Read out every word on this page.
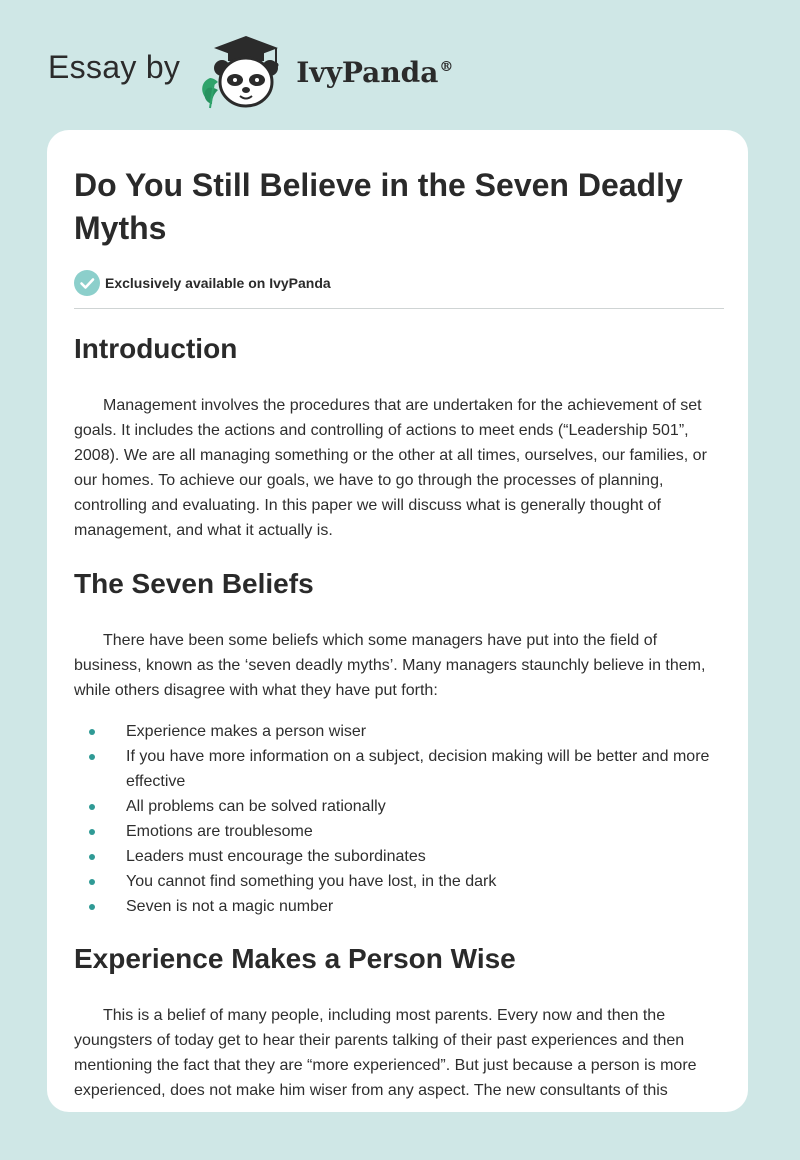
Essay by	IvyPanda®
Do You Still Believe in the Seven Deadly Myths
Exclusively available on IvyPanda
Introduction

Management involves the procedures that are undertaken for the achievement of set goals. It includes the actions and controlling of actions to meet ends (“Leadership 501”, 2008). We are all managing something or the other at all times, ourselves, our families, or our homes. To achieve our goals, we have to go through the processes of planning, controlling and evaluating. In this paper we will discuss what is generally thought of management, and what it actually is.

The Seven Beliefs

There have been some beliefs which some managers have put into the field of business, known as the ‘seven deadly myths’. Many managers staunchly believe in them, while others disagree with what they have put forth:

Experience makes a person wiser
If you have more information on a subject, decision making will be better and more effective
All problems can be solved rationally
Emotions are troublesome
Leaders must encourage the subordinates
You cannot find something you have lost, in the dark
Seven is not a magic number
Experience Makes a Person Wise

This is a belief of many people, including most parents. Every now and then the youngsters of today get to hear their parents talking of their past experiences and then mentioning the fact that they are “more experienced”. But just because a person is more experienced, does not make him wiser from any aspect. The new consultants of this
